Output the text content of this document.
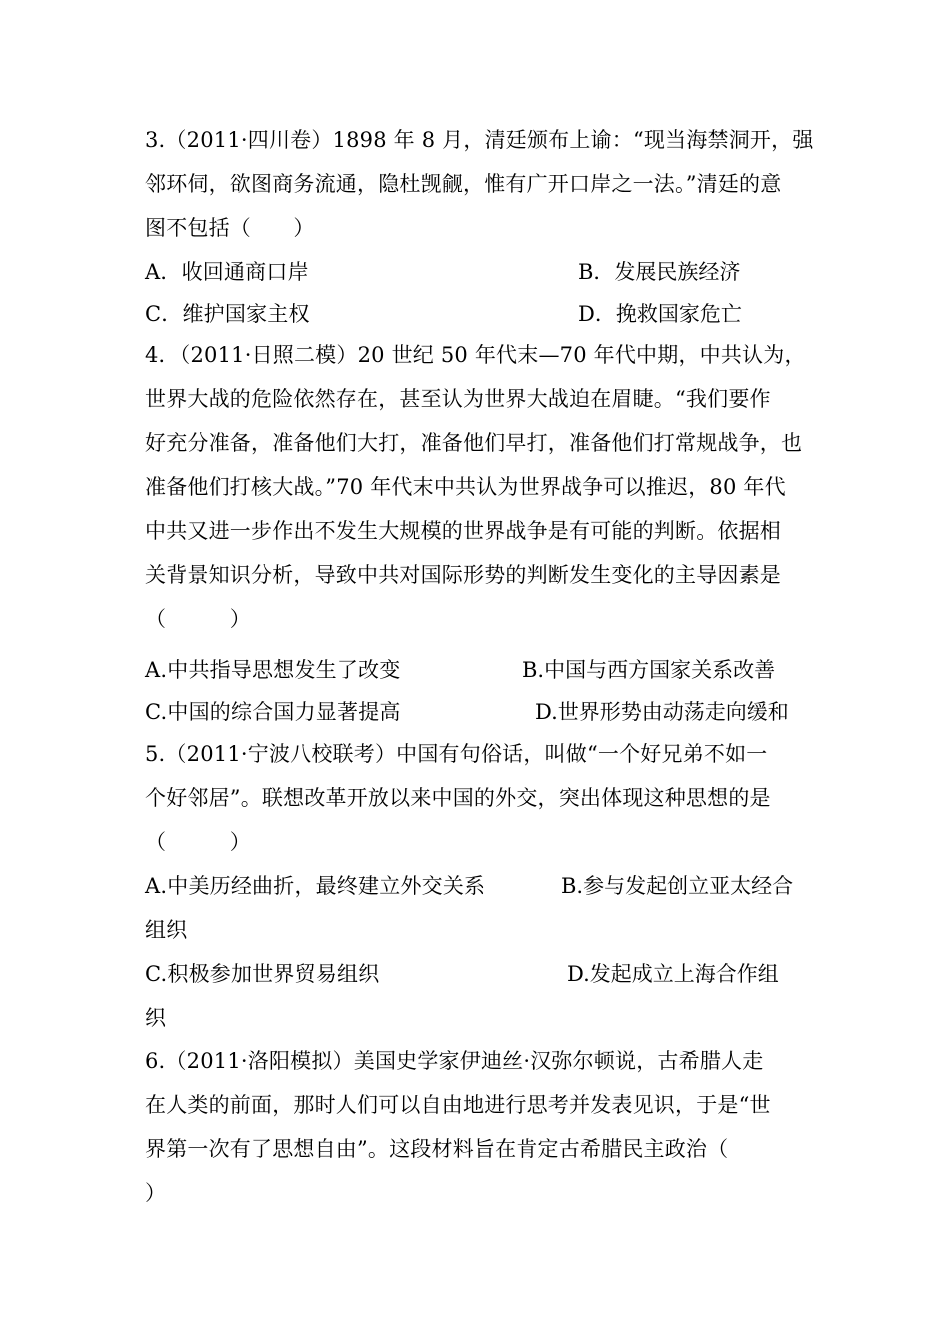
3.（2011·四川卷）1898 年 8 月，清廷颁布上谕：“现当海禁洞开，强
邻环伺，欲图商务流通，隐杜觊觎，惟有广开口岸之一法。”清廷的意
图不包括（　　）
A．收回通商口岸	B．发展民族经济
C．维护国家主权	D．挽救国家危亡
4．（2011·日照二模）20 世纪 50 年代末—70 年代中期，中共认为，
世界大战的危险依然存在，甚至认为世界大战迫在眉睫。“我们要作
好充分准备，准备他们大打，准备他们早打，准备他们打常规战争，也
准备他们打核大战。”70 年代末中共认为世界战争可以推迟，80 年代
中共又进一步作出不发生大规模的世界战争是有可能的判断。依据相
关背景知识分析，导致中共对国际形势的判断发生变化的主导因素是
（　　　）
A.中共指导思想发生了改变	B.中国与西方国家关系改善
C.中国的综合国力显著提高	D.世界形势由动荡走向缓和
5.（2011·宁波八校联考）中国有句俗话，叫做“一个好兄弟不如一
个好邻居”。联想改革开放以来中国的外交，突出体现这种思想的是
（　　　）
A.中美历经曲折，最终建立外交关系	B.参与发起创立亚太经合
组织
C.积极参加世界贸易组织	D.发起成立上海合作组
织
6.（2011·洛阳模拟）美国史学家伊迪丝·汉弥尔顿说，古希腊人走
在人类的前面，那时人们可以自由地进行思考并发表见识，于是“世
界第一次有了思想自由”。这段材料旨在肯定古希腊民主政治（
）
